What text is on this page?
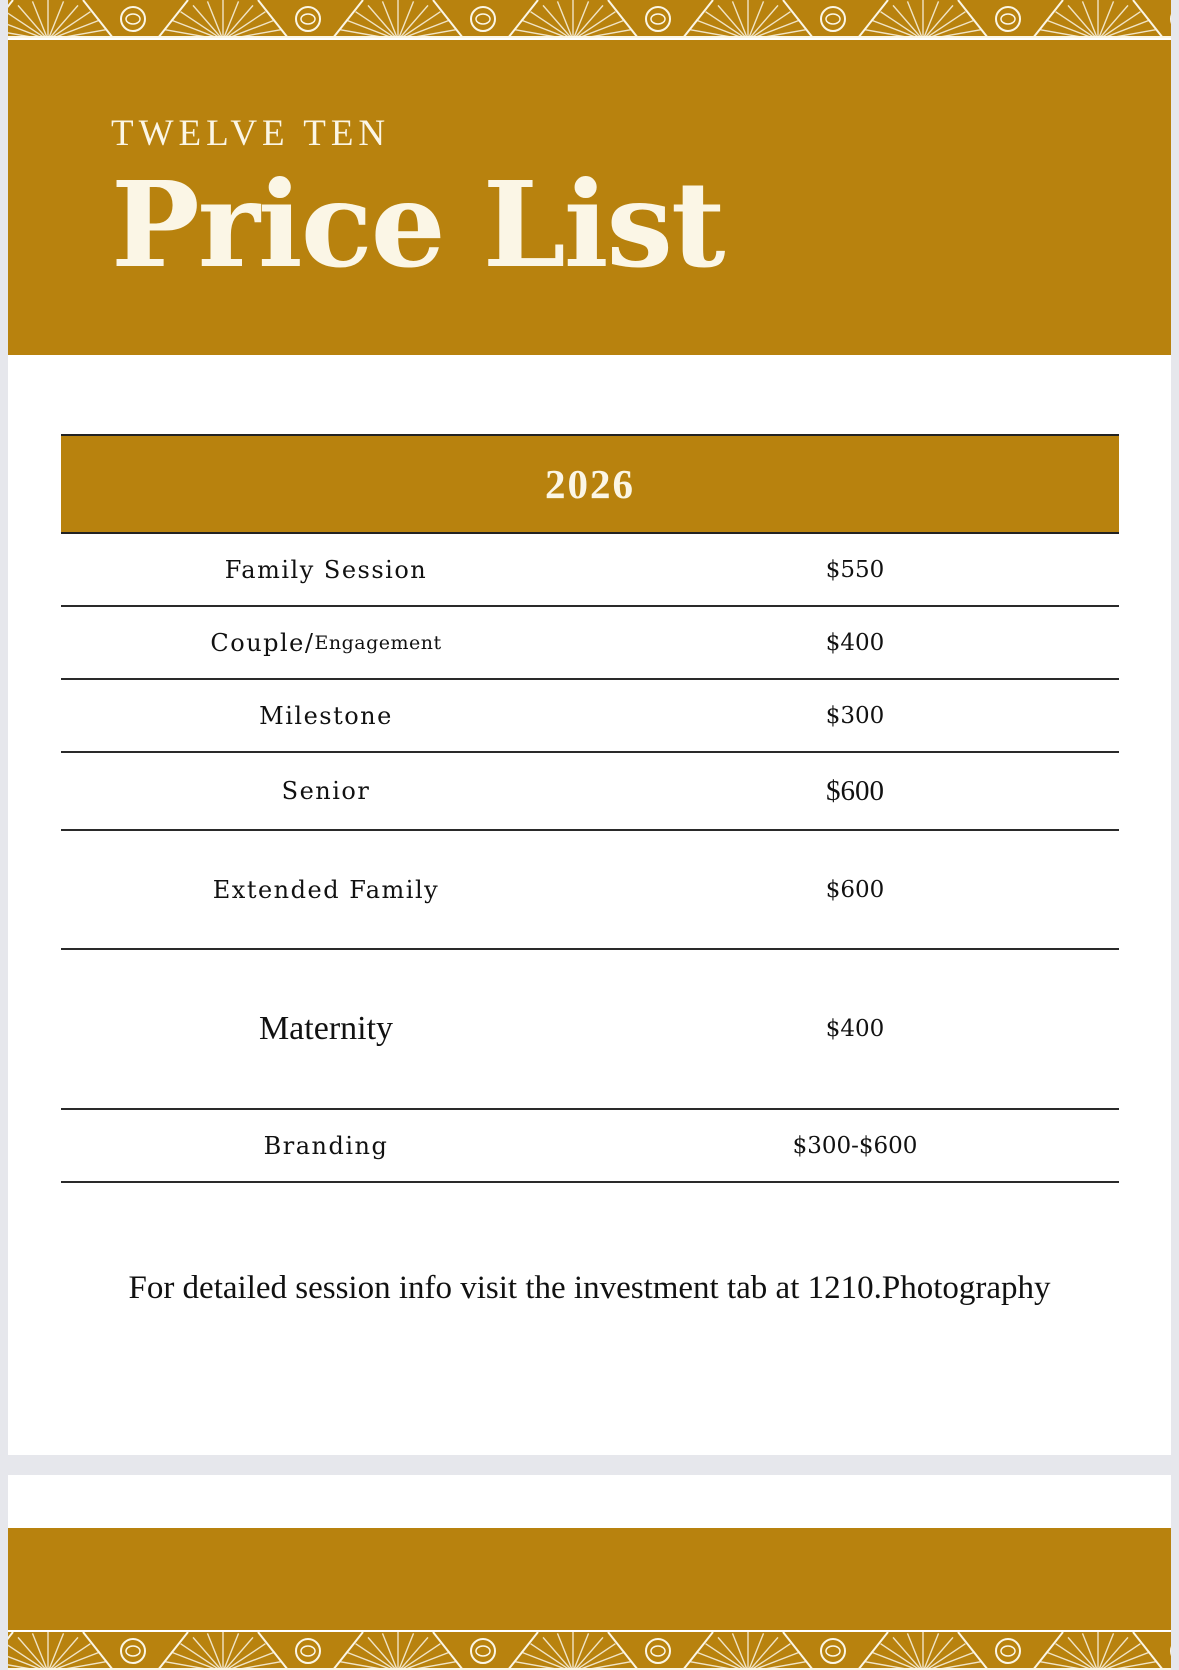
TWELVE TEN
Price List
2026
Family Session	$550
Couple/ Engagement	$400
Milestone	$300
Senior	$600
Extended Family	$600
Maternity	$400
Branding	$300-$600
For detailed session info visit the investment tab at 1210.Photography
